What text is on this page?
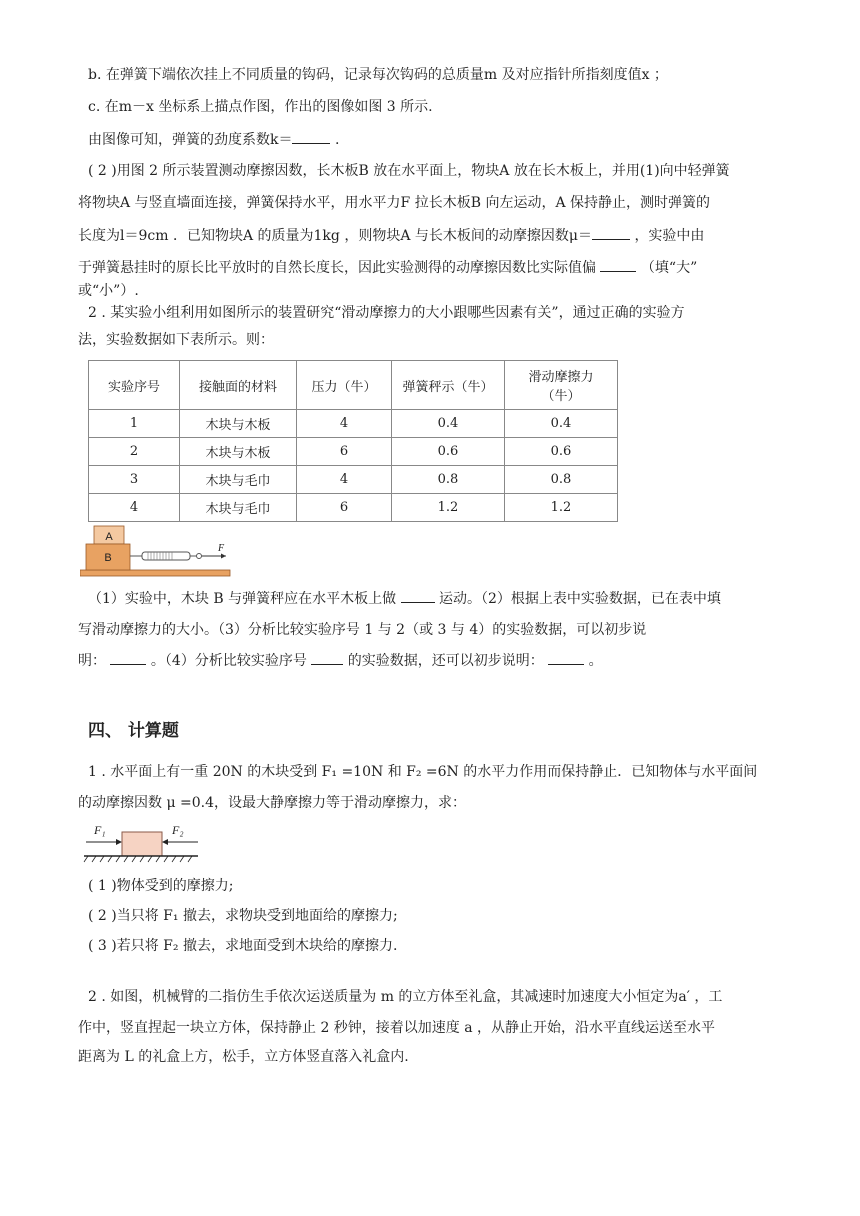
b. 在弹簧下端依次挂上不同质量的钩码，记录每次钩码的总质量m 及对应指针所指刻度值x ；
c. 在m－x 坐标系上描点作图，作出的图像如图 3 所示.
由图像可知，弹簧的劲度系数k＝	.
( 2 )用图 2 所示装置测动摩擦因数，长木板B 放在水平面上，物块A 放在长木板上，并用(1)向中轻弹簧
将物块A 与竖直墙面连接，弹簧保持水平，用水平力F 拉长木板B 向左运动，A 保持静止，测时弹簧的
长度为l＝9cm ．已知物块A 的质量为1kg ，则物块A 与长木板间的动摩擦因数μ＝	，实验中由
于弹簧悬挂时的原长比平放时的自然长度长，因此实验测得的动摩擦因数比实际值偏	（填“大”
或“小”）.
2 . 某实验小组利用如图所示的装置研究“滑动摩擦力的大小跟哪些因素有关”，通过正确的实验方
法，实验数据如下表所示。则：
实验序号	接触面的材料	压力（牛）	弹簧秤示（牛）	滑动摩擦力（牛）
1	木块与木板	4	0.4	0.4
2	木块与木板	6	0.6	0.6
3	木块与毛巾	4	0.8	0.8
4	木块与毛巾	6	1.2	1.2
A
B
F
（1）实验中，木块 B 与弹簧秤应在水平木板上做	运动。（2）根据上表中实验数据，已在表中填
写滑动摩擦力的大小。（3）分析比较实验序号 1 与 2（或 3 与 4）的实验数据，可以初步说
明：	。（4）分析比较实验序号	的实验数据，还可以初步说明：	。
四、 计算题
1 . 水平面上有一重 20N 的木块受到 F₁ =10N 和 F₂ =6N 的水平力作用而保持静止．已知物体与水平面间
的动摩擦因数 μ =0.4，设最大静摩擦力等于滑动摩擦力，求：
F₁	F₂
( 1 )物体受到的摩擦力;
( 2 )当只将 F₁ 撤去，求物块受到地面给的摩擦力;
( 3 )若只将 F₂ 撤去，求地面受到木块给的摩擦力.
2 . 如图，机械臂的二指仿生手依次运送质量为 m 的立方体至礼盒，其减速时加速度大小恒定为a′ ，工
作中，竖直捏起一块立方体，保持静止 2 秒钟，接着以加速度 a ，从静止开始，沿水平直线运送至水平
距离为 L 的礼盒上方，松手，立方体竖直落入礼盒内.
